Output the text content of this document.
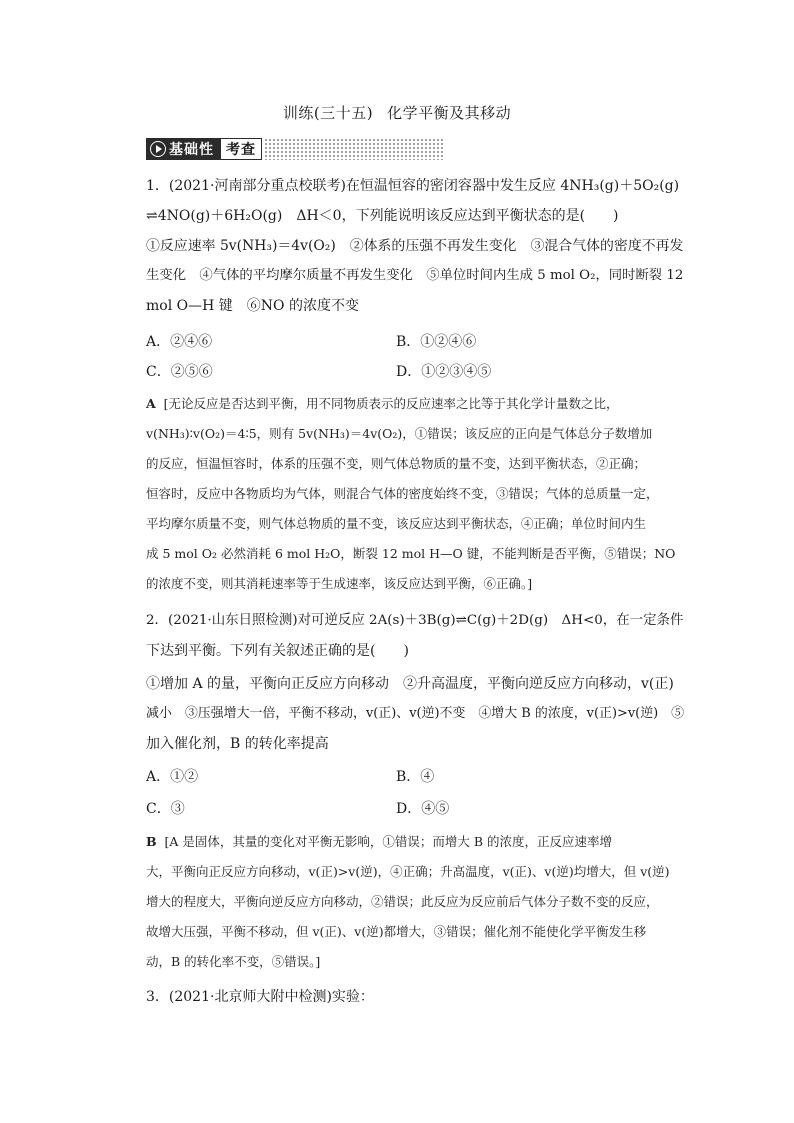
训练(三十五) 化学平衡及其移动
基础性 考查
1．(2021·河南部分重点校联考)在恒温恒容的密闭容器中发生反应 4NH₃(g)＋5O₂(g)
⇌4NO(g)＋6H₂O(g)　ΔH＜0，下列能说明该反应达到平衡状态的是(　　)
①反应速率 5v(NH₃)＝4v(O₂)　②体系的压强不再发生变化　③混合气体的密度不再发
生变化　④气体的平均摩尔质量不再发生变化　⑤单位时间内生成 5 mol O₂，同时断裂 12
mol O—H 键　⑥NO 的浓度不变
A．②④⑥	B．①②④⑥
C．②⑤⑥	D．①②③④⑤
A [无论反应是否达到平衡，用不同物质表示的反应速率之比等于其化学计量数之比，
v(NH₃)∶v(O₂)＝4∶5，则有 5v(NH₃)＝4v(O₂)，①错误；该反应的正向是气体总分子数增加
的反应，恒温恒容时，体系的压强不变，则气体总物质的量不变，达到平衡状态，②正确；
恒容时，反应中各物质均为气体，则混合气体的密度始终不变，③错误；气体的总质量一定，
平均摩尔质量不变，则气体总物质的量不变，该反应达到平衡状态，④正确；单位时间内生
成 5 mol O₂ 必然消耗 6 mol H₂O，断裂 12 mol H—O 键，不能判断是否平衡，⑤错误；NO
的浓度不变，则其消耗速率等于生成速率，该反应达到平衡，⑥正确。]
2．(2021·山东日照检测)对可逆反应 2A(s)＋3B(g)⇌C(g)＋2D(g)　ΔH<0，在一定条件
下达到平衡。下列有关叙述正确的是(　　)
①增加 A 的量，平衡向正反应方向移动　②升高温度，平衡向逆反应方向移动，v(正)
减小　③压强增大一倍，平衡不移动，v(正)、v(逆)不变　④增大 B 的浓度，v(正)>v(逆)　⑤
加入催化剂，B 的转化率提高
A．①②	B．④
C．③	D．④⑤
B [A 是固体，其量的变化对平衡无影响，①错误；而增大 B 的浓度，正反应速率增
大，平衡向正反应方向移动，v(正)>v(逆)，④正确；升高温度，v(正)、v(逆)均增大，但 v(逆)
增大的程度大，平衡向逆反应方向移动，②错误；此反应为反应前后气体分子数不变的反应，
故增大压强，平衡不移动，但 v(正)、v(逆)都增大，③错误；催化剂不能使化学平衡发生移
动，B 的转化率不变，⑤错误。]
3．(2021·北京师大附中检测)实验：
